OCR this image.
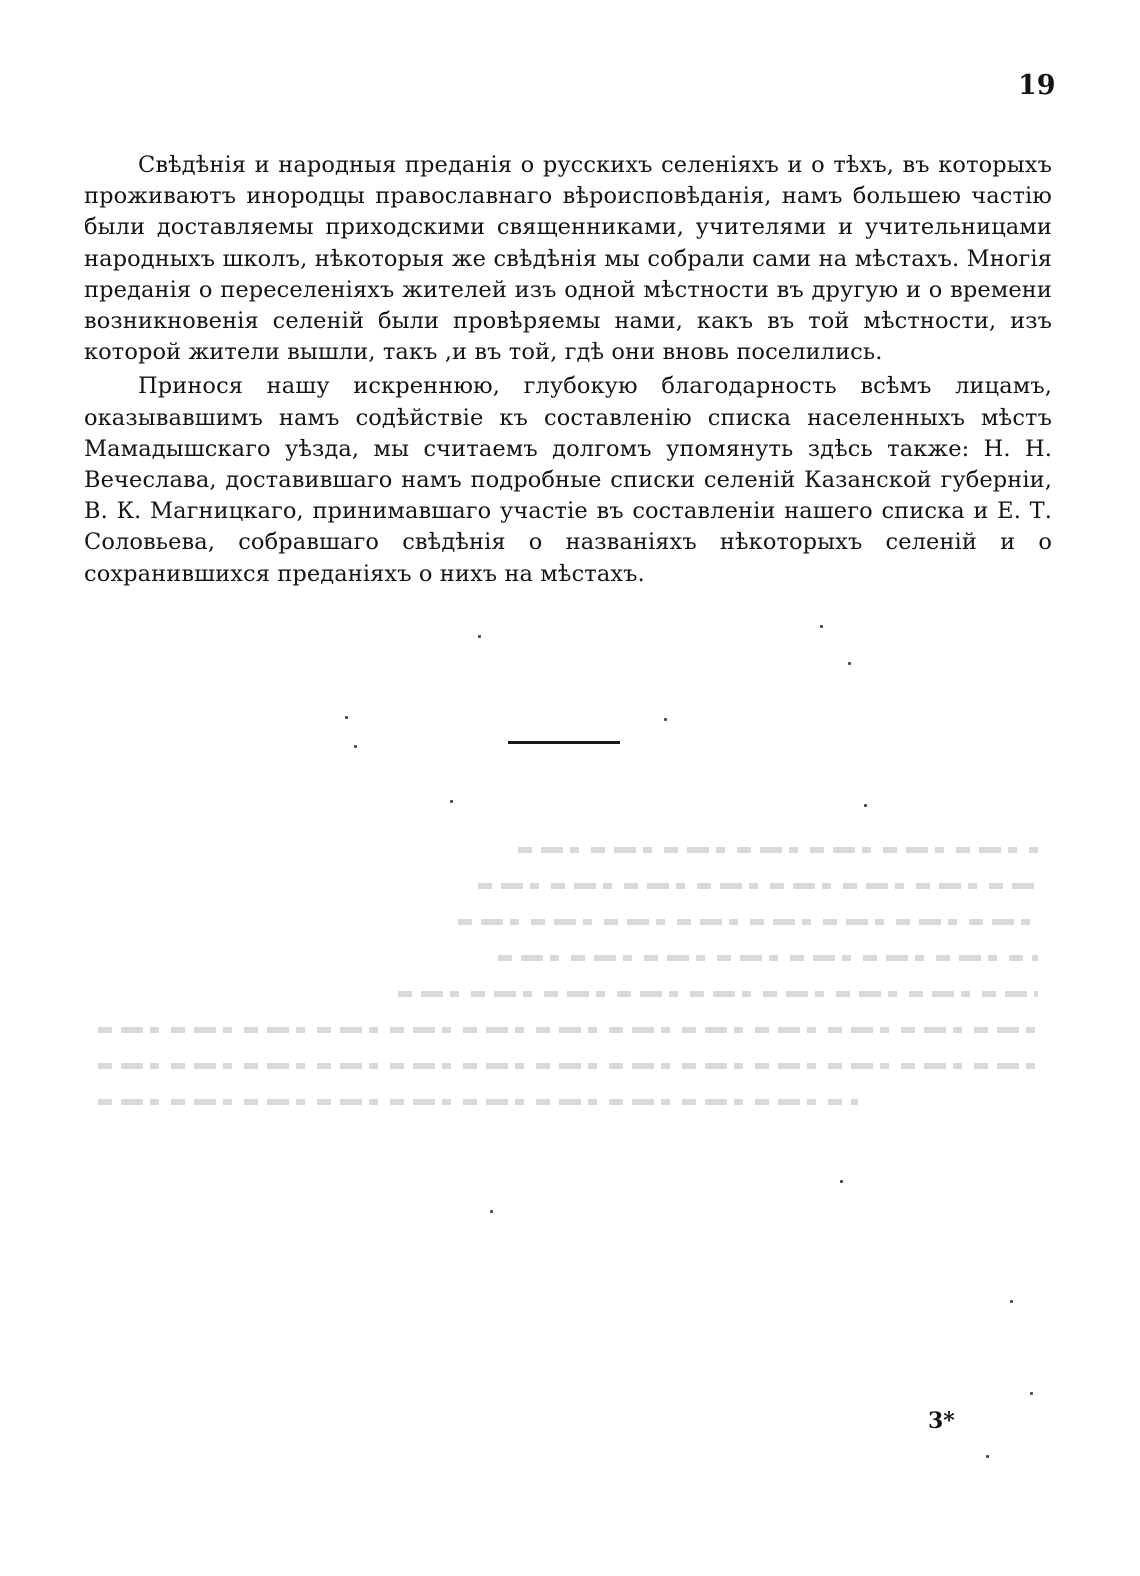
19

Свѣдѣнія и народныя преданія о русскихъ селеніяхъ и о тѣхъ, въ которыхъ проживаютъ инородцы православнаго вѣроисповѣданія, намъ большею частію были доставляемы приходскими священниками, учителями и учительницами народныхъ школъ, нѣкоторыя же свѣдѣнія мы собрали сами на мѣстахъ. Многія преданія о переселеніяхъ жителей изъ одной мѣстности въ другую и о времени возникновенія селеній были провѣряемы нами, какъ въ той мѣстности, изъ которой жители вышли, такъ ,и въ той, гдѣ они вновь поселились.

Принося нашу искреннюю, глубокую благодарность всѣмъ лицамъ, оказывавшимъ намъ содѣйствіе къ составленію списка населенныхъ мѣстъ Мамадышскаго уѣзда, мы считаемъ долгомъ упомянуть здѣсь также: Н. Н. Вечеслава, доставившаго намъ подробные списки селеній Казанской губерніи, В. К. Магницкаго, принимавшаго участіе въ составленіи нашего списка и Е. Т. Соловьева, собравшаго свѣдѣнія о названіяхъ нѣкоторыхъ селеній и о сохранившихся преданіяхъ о нихъ на мѣстахъ.

3*
